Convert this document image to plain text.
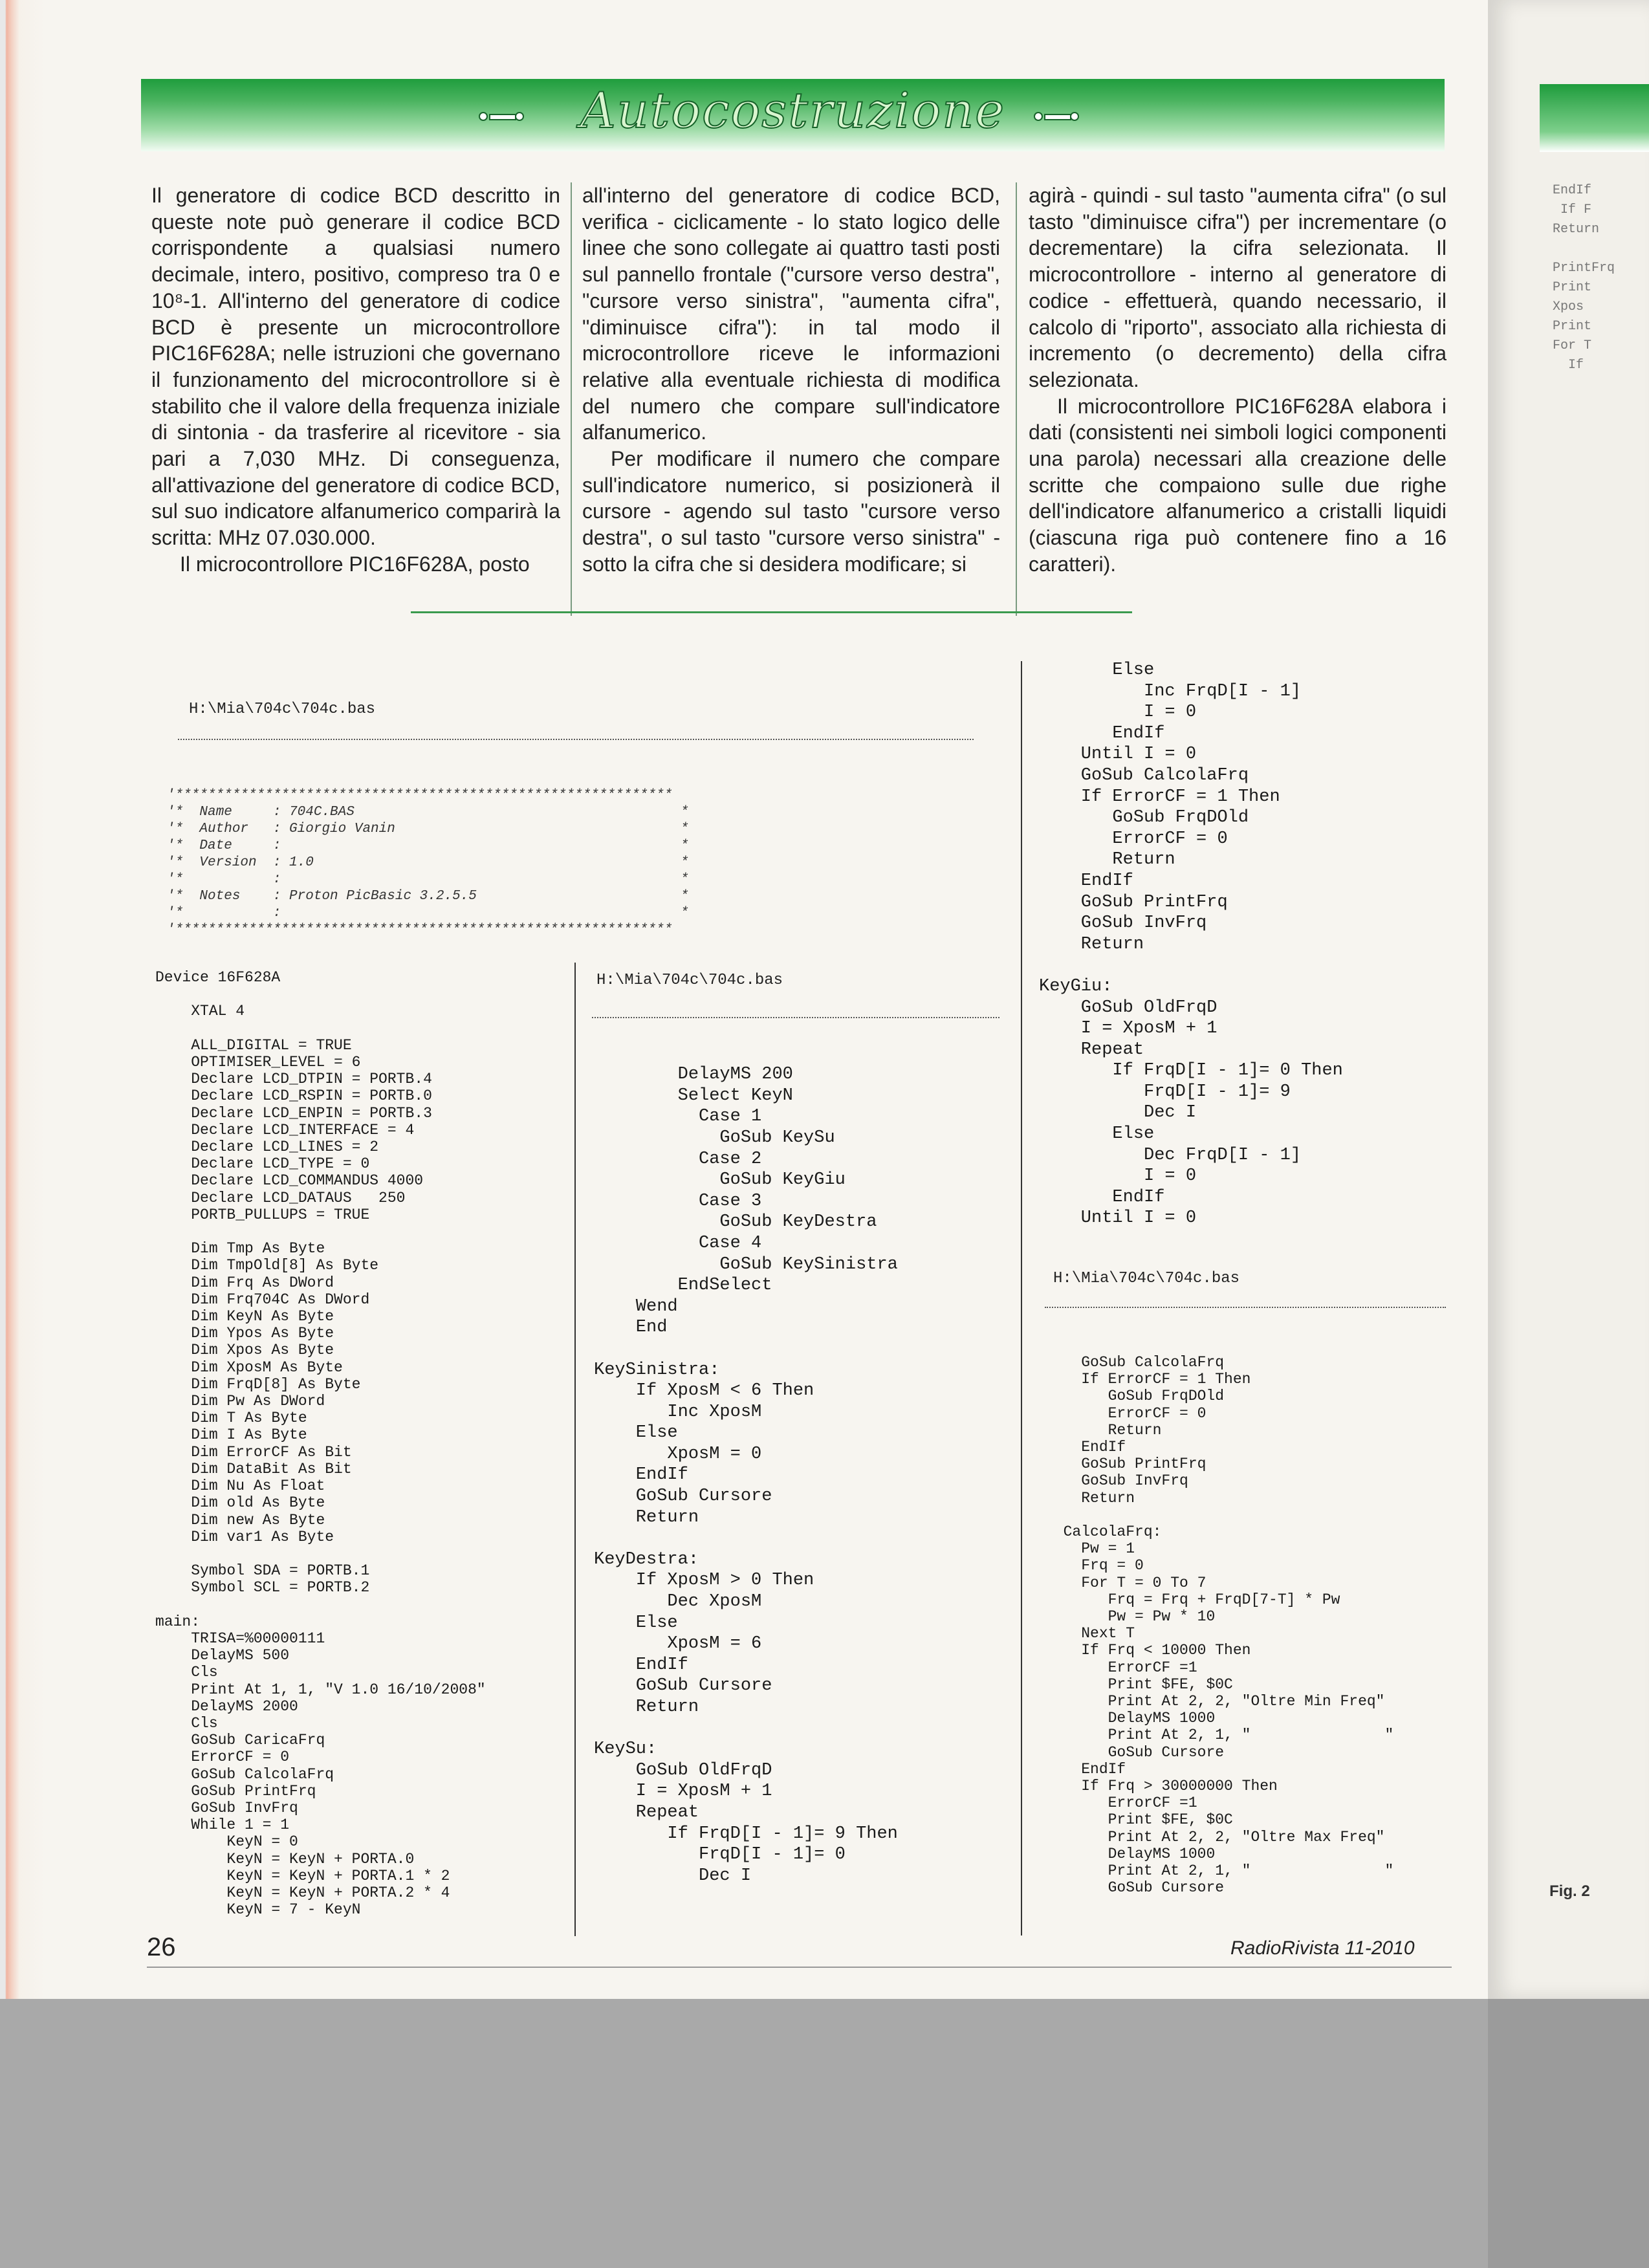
EndIf
If F
Return

PrintFrq
Print
Xpos
Print
For T
If
Fig. 2
Autocostruzione

Il generatore di codice BCD descritto in queste note può generare il codice BCD corrispondente a qualsiasi numero decimale, intero, positivo, compreso tra 0 e 10⁸-1. All'interno del generatore di codice BCD è presente un microcontrollore PIC16F628A; nelle istruzioni che governano il funzionamento del microcontrollore si è stabilito che il valore della frequenza iniziale di sintonia - da trasferire al ricevitore - sia pari a 7,030 MHz. Di conseguenza, all'attivazione del generatore di codice BCD, sul suo indicatore alfanumerico comparirà la scritta: MHz 07.030.000.

Il microcontrollore PIC16F628A, posto

all'interno del generatore di codice BCD, verifica - ciclicamente - lo stato logico delle linee che sono collegate ai quattro tasti posti sul pannello frontale ("cursore verso destra", "cursore verso sinistra", "aumenta cifra", "diminuisce cifra"): in tal modo il microcontrollore riceve le informazioni relative alla eventuale richiesta di modifica del numero che compare sull'indicatore alfanumerico.

Per modificare il numero che compare sull'indicatore numerico, si posizionerà il cursore - agendo sul tasto "cursore verso destra", o sul tasto "cursore verso sinistra" - sotto la cifra che si desidera modificare; si

agirà - quindi - sul tasto "aumenta cifra" (o sul tasto "diminuisce cifra") per incrementare (o decrementare) la cifra selezionata. Il microcontrollore - interno al generatore di codice - effettuerà, quando necessario, il calcolo di "riporto", associato alla richiesta di incremento (o decremento) della cifra selezionata.

Il microcontrollore PIC16F628A elabora i dati (consistenti nei simboli logici componenti una parola) necessari alla creazione delle scritte che compaiono sulle due righe dell'indicatore alfanumerico a cristalli liquidi (ciascuna riga può contenere fino a 16 caratteri).

H:\Mia\704c\704c.bas
'*************************************************************
'*  Name     : 704C.BAS                                        *
'*  Author   : Giorgio Vanin                                   *
'*  Date     :                                                 *
'*  Version  : 1.0                                             *
'*           :                                                 *
'*  Notes    : Proton PicBasic 3.2.5.5                         *
'*           :                                                 *
'*************************************************************
Device 16F628A

XTAL 4

ALL_DIGITAL = TRUE
OPTIMISER_LEVEL = 6
Declare LCD_DTPIN = PORTB.4
Declare LCD_RSPIN = PORTB.0
Declare LCD_ENPIN = PORTB.3
Declare LCD_INTERFACE = 4
Declare LCD_LINES = 2
Declare LCD_TYPE = 0
Declare LCD_COMMANDUS 4000
Declare LCD_DATAUS   250
PORTB_PULLUPS = TRUE

Dim Tmp As Byte
Dim TmpOld[8] As Byte
Dim Frq As DWord
Dim Frq704C As DWord
Dim KeyN As Byte
Dim Ypos As Byte
Dim Xpos As Byte
Dim XposM As Byte
Dim FrqD[8] As Byte
Dim Pw As DWord
Dim T As Byte
Dim I As Byte
Dim ErrorCF As Bit
Dim DataBit As Bit
Dim Nu As Float
Dim old As Byte
Dim new As Byte
Dim var1 As Byte

Symbol SDA = PORTB.1
Symbol SCL = PORTB.2

main:
TRISA=%00000111
DelayMS 500
Cls
Print At 1, 1, "V 1.0 16/10/2008"
DelayMS 2000
Cls
GoSub CaricaFrq
ErrorCF = 0
GoSub CalcolaFrq
GoSub PrintFrq
GoSub InvFrq
While 1 = 1
KeyN = 0
KeyN = KeyN + PORTA.0
KeyN = KeyN + PORTA.1 * 2
KeyN = KeyN + PORTA.2 * 4
KeyN = 7 - KeyN
H:\Mia\704c\704c.bas

DelayMS 200
Select KeyN
Case 1
GoSub KeySu
Case 2
GoSub KeyGiu
Case 3
GoSub KeyDestra
Case 4
GoSub KeySinistra
EndSelect
Wend
End

KeySinistra:
If XposM < 6 Then
Inc XposM
Else
XposM = 0
EndIf
GoSub Cursore
Return

KeyDestra:
If XposM > 0 Then
Dec XposM
Else
XposM = 6
EndIf
GoSub Cursore
Return

KeySu:
GoSub OldFrqD
I = XposM + 1
Repeat
If FrqD[I - 1]= 9 Then
FrqD[I - 1]= 0
Dec I
Else
Inc FrqD[I - 1]
I = 0
EndIf
Until I = 0
GoSub CalcolaFrq
If ErrorCF = 1 Then
GoSub FrqDOld
ErrorCF = 0
Return
EndIf
GoSub PrintFrq
GoSub InvFrq
Return

KeyGiu:
GoSub OldFrqD
I = XposM + 1
Repeat
If FrqD[I - 1]= 0 Then
FrqD[I - 1]= 9
Dec I
Else
Dec FrqD[I - 1]
I = 0
EndIf
Until I = 0
H:\Mia\704c\704c.bas
GoSub CalcolaFrq
If ErrorCF = 1 Then
GoSub FrqDOld
ErrorCF = 0
Return
EndIf
GoSub PrintFrq
GoSub InvFrq
Return

CalcolaFrq:
Pw = 1
Frq = 0
For T = 0 To 7
Frq = Frq + FrqD[7-T] * Pw
Pw = Pw * 10
Next T
If Frq < 10000 Then
ErrorCF =1
Print $FE, $0C
Print At 2, 2, "Oltre Min Freq"
DelayMS 1000
Print At 2, 1, "               "
GoSub Cursore
EndIf
If Frq > 30000000 Then
ErrorCF =1
Print $FE, $0C
Print At 2, 2, "Oltre Max Freq"
DelayMS 1000
Print At 2, 1, "               "
GoSub Cursore
26	RadioRivista 11-2010
